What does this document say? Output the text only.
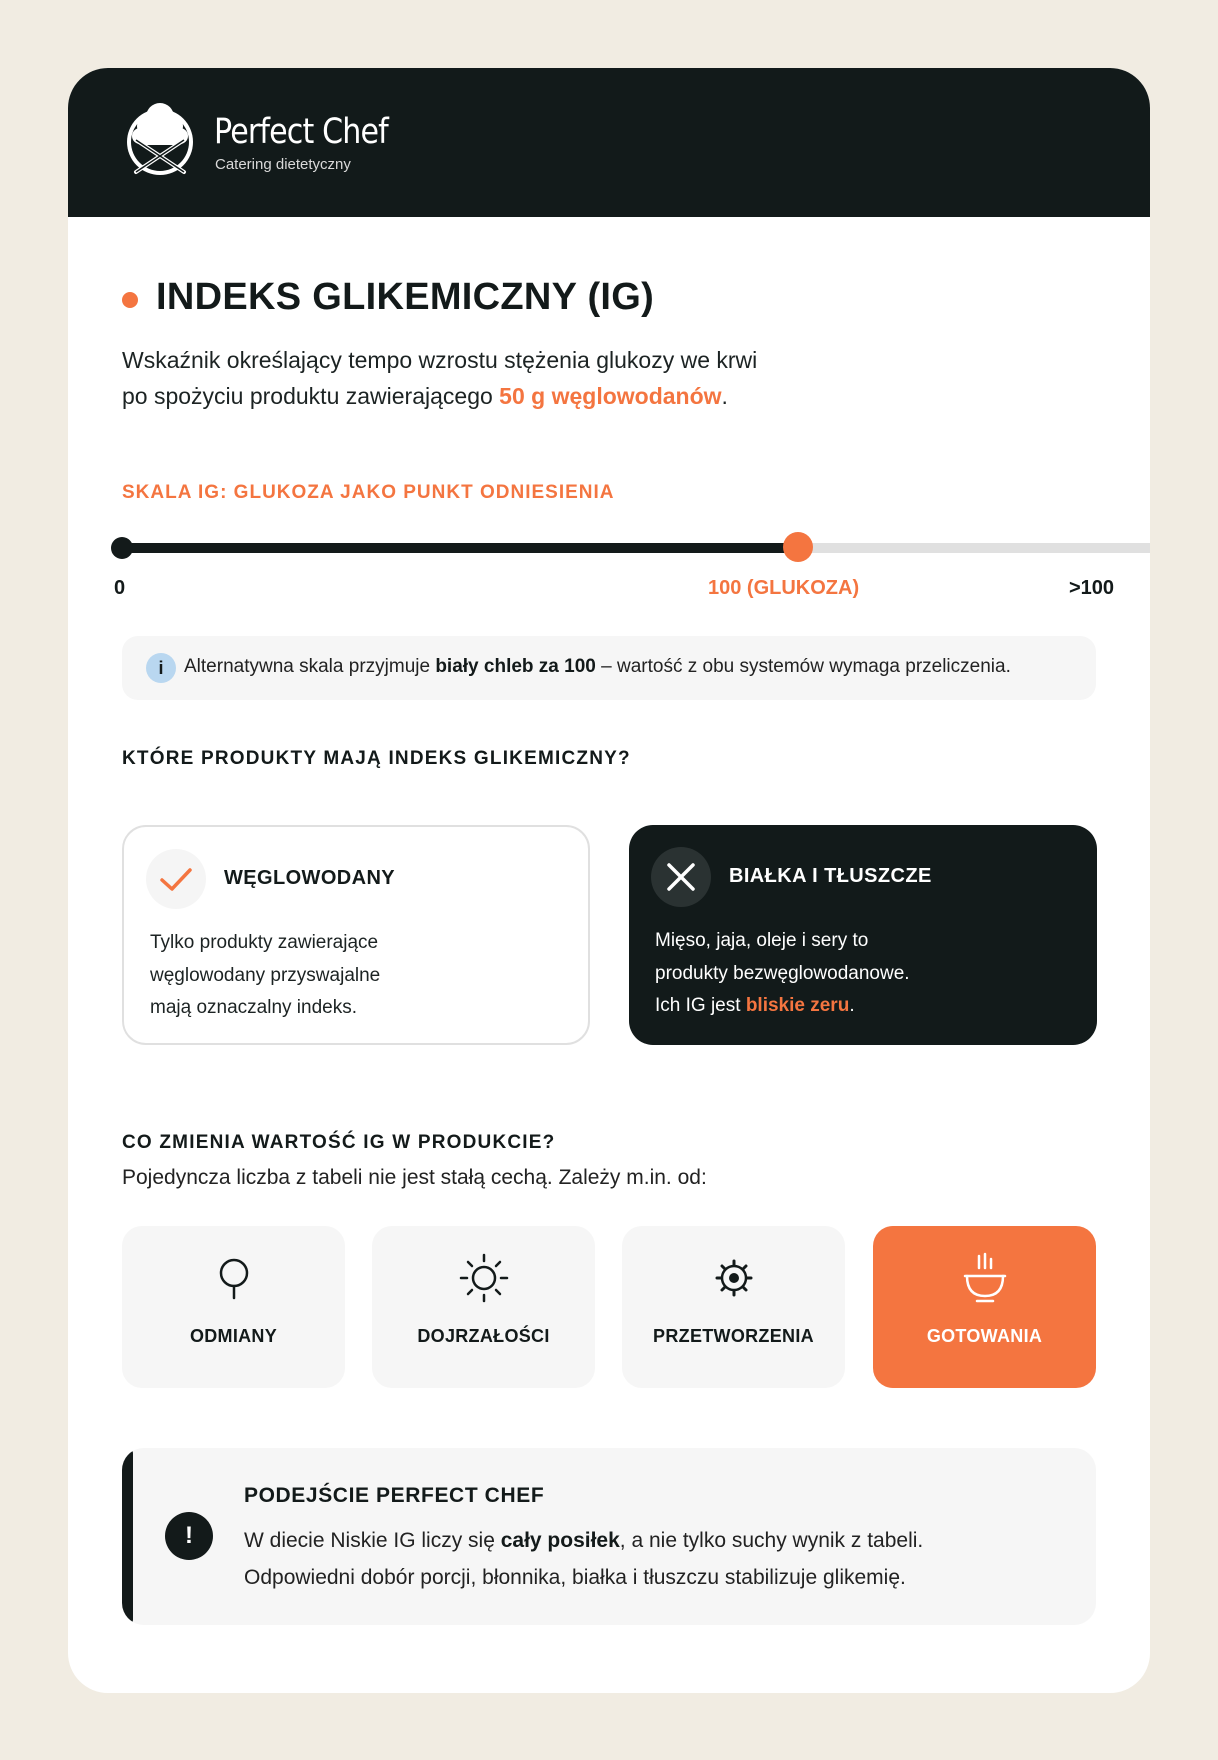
Perfect Chef
Catering dietetyczny
INDEKS GLIKEMICZNY (IG)

Wskaźnik określający tempo wzrostu stężenia glukozy we krwi
po spożyciu produktu zawierającego 50 g węglowodanów.

SKALA IG: GLUKOZA JAKO PUNKT ODNIESIENIA
0	100 (GLUKOZA)	>100
i	Alternatywna skala przyjmuje biały chleb za 100 – wartość z obu systemów wymaga przeliczenia.
KTÓRE PRODUKTY MAJĄ INDEKS GLIKEMICZNY?
WĘGLOWODANY
Tylko produkty zawierające
węglowodany przyswajalne
mają oznaczalny indeks.
BIAŁKA I TŁUSZCZE
Mięso, jaja, oleje i sery to
produkty bezwęglowodanowe.
Ich IG jest bliskie zeru.
CO ZMIENIA WARTOŚĆ IG W PRODUKCIE?
Pojedyncza liczba z tabeli nie jest stałą cechą. Zależy m.in. od:
ODMIANY	DOJRZAŁOŚCI	PRZETWORZENIA	GOTOWANIA
!
PODEJŚCIE PERFECT CHEF
W diecie Niskie IG liczy się cały posiłek, a nie tylko suchy wynik z tabeli.
Odpowiedni dobór porcji, błonnika, białka i tłuszczu stabilizuje glikemię.
